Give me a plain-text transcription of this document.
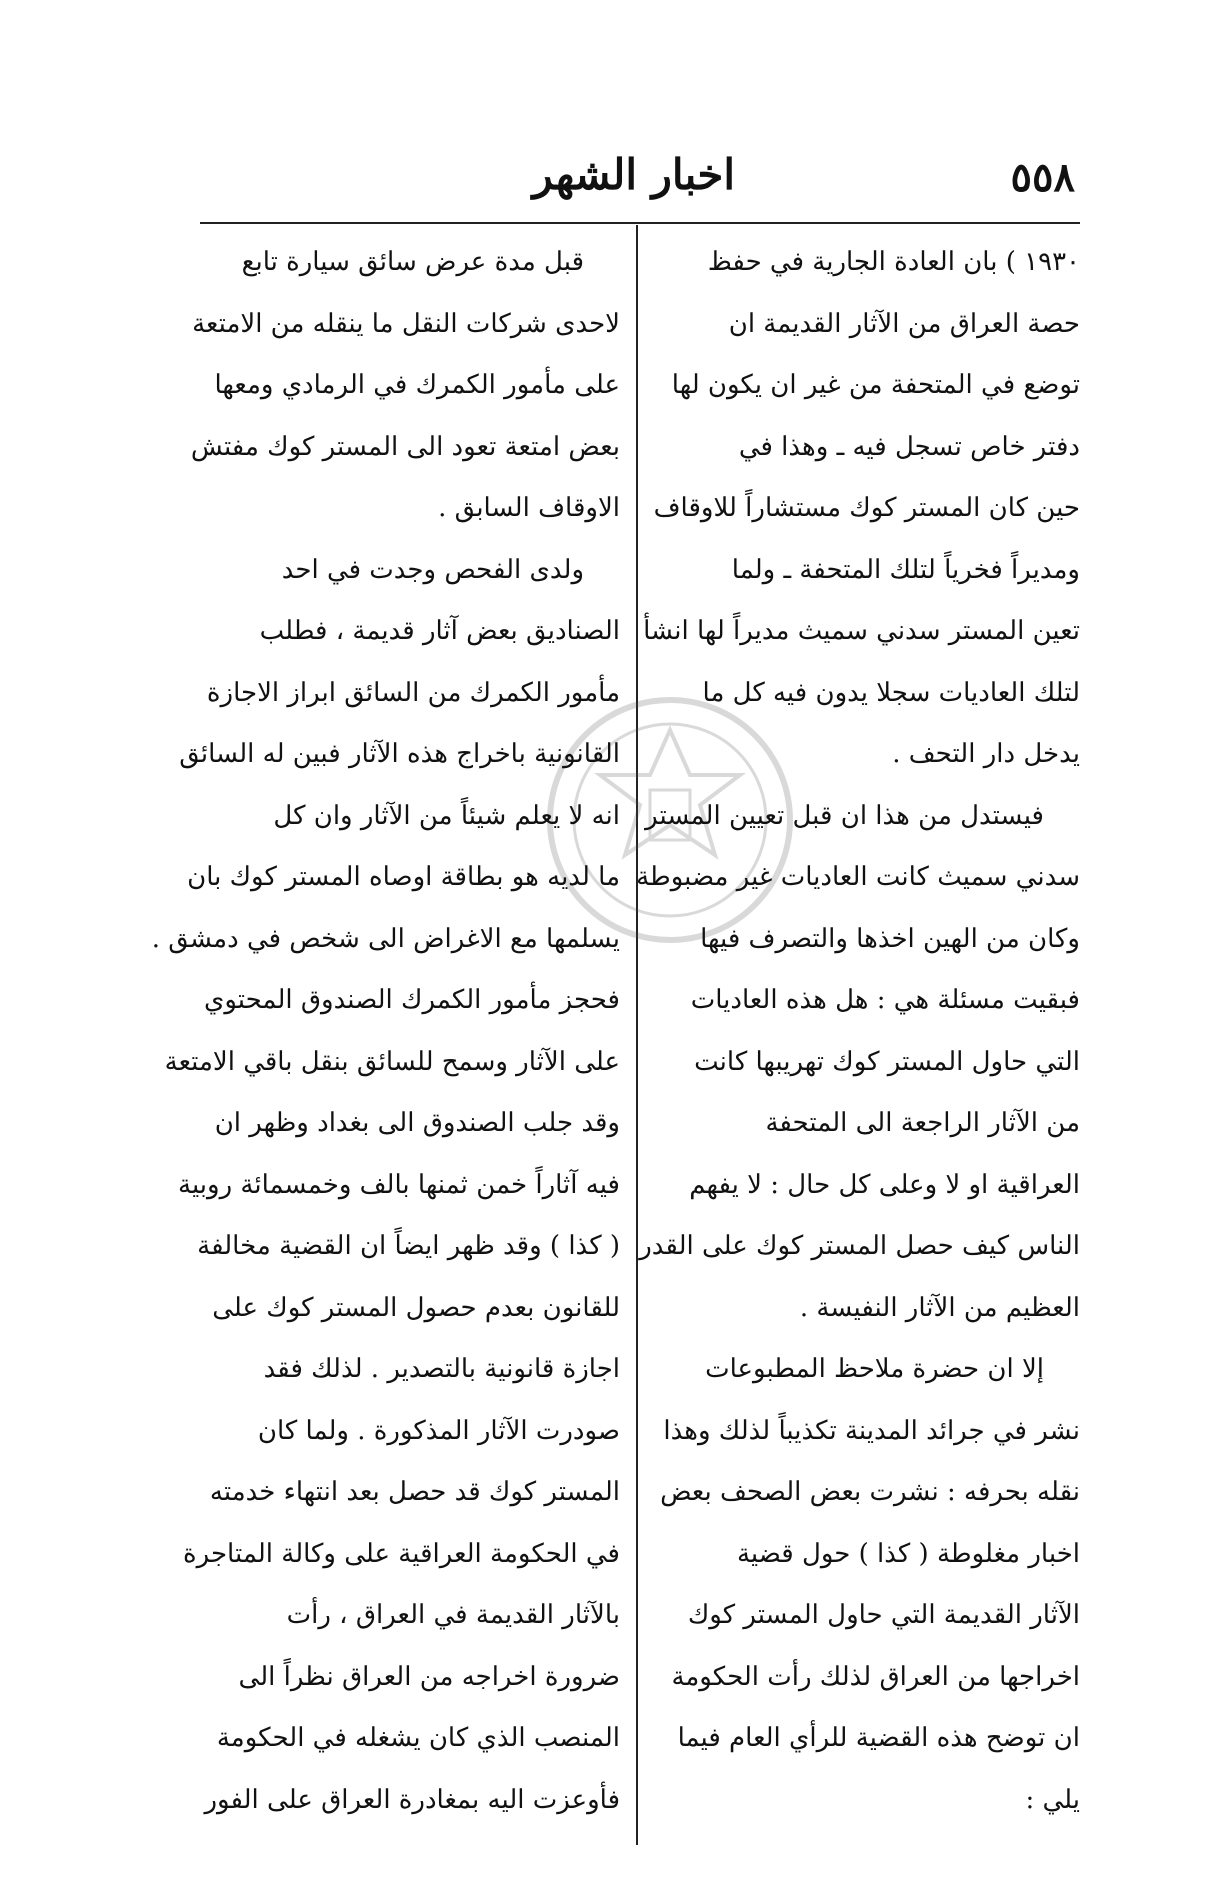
٥٥٨
اخبار الشهر
١٩٣٠ ) بان العادة الجارية في حفظ
حصة العراق من الآثار القديمة ان
توضع في المتحفة من غير ان يكون لها
دفتر خاص تسجل فيه ـ وهذا في
حين كان المستر كوك مستشاراً للاوقاف
ومديراً فخرياً لتلك المتحفة ـ ولما
تعين المستر سدني سميث مديراً لها انشأ
لتلك العاديات سجلا يدون فيه كل ما
يدخل دار التحف .
فيستدل من هذا ان قبل تعيين المستر
سدني سميث كانت العاديات غير مضبوطة
وكان من الهين اخذها والتصرف فيها
فبقيت مسئلة هي : هل هذه العاديات
التي حاول المستر كوك تهريبها كانت
من الآثار الراجعة الى المتحفة
العراقية او لا وعلى كل حال : لا يفهم
الناس كيف حصل المستر كوك على القدر
العظيم من الآثار النفيسة .
إلا ان حضرة ملاحظ المطبوعات
نشر في جرائد المدينة تكذيباً لذلك وهذا
نقله بحرفه : نشرت بعض الصحف بعض
اخبار مغلوطة ( كذا ) حول قضية
الآثار القديمة التي حاول المستر كوك
اخراجها من العراق لذلك رأت الحكومة
ان توضح هذه القضية للرأي العام فيما
يلي :
قبل مدة عرض سائق سيارة تابع
لاحدى شركات النقل ما ينقله من الامتعة
على مأمور الكمرك في الرمادي ومعها
بعض امتعة تعود الى المستر كوك مفتش
الاوقاف السابق .
ولدى الفحص وجدت في احد
الصناديق بعض آثار قديمة ، فطلب
مأمور الكمرك من السائق ابراز الاجازة
القانونية باخراج هذه الآثار فبين له السائق
انه لا يعلم شيئاً من الآثار وان كل
ما لديه هو بطاقة اوصاه المستر كوك بان
يسلمها مع الاغراض الى شخص في دمشق .
فحجز مأمور الكمرك الصندوق المحتوي
على الآثار وسمح للسائق بنقل باقي الامتعة
وقد جلب الصندوق الى بغداد وظهر ان
فيه آثاراً خمن ثمنها بالف وخمسمائة روبية
( كذا ) وقد ظهر ايضاً ان القضية مخالفة
للقانون بعدم حصول المستر كوك على
اجازة قانونية بالتصدير . لذلك فقد
صودرت الآثار المذكورة . ولما كان
المستر كوك قد حصل بعد انتهاء خدمته
في الحكومة العراقية على وكالة المتاجرة
بالآثار القديمة في العراق ، رأت
ضرورة اخراجه من العراق نظراً الى
المنصب الذي كان يشغله في الحكومة
فأوعزت اليه بمغادرة العراق على الفور
